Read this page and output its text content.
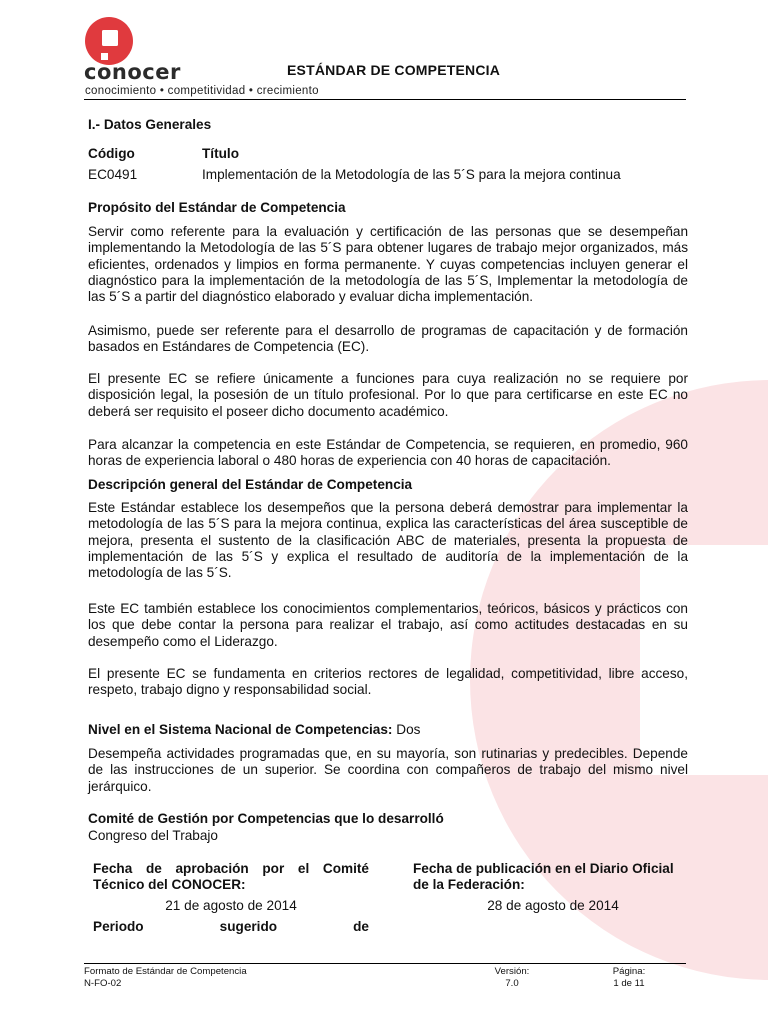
conocer
conocimiento • competitividad • crecimiento
ESTÁNDAR DE COMPETENCIA

I.- Datos Generales

Código	Título

EC0491	Implementación de la Metodología de las 5´S para la mejora continua

Propósito del Estándar de Competencia

Servir como referente para la evaluación y certificación de las personas que se desempeñan implementando la Metodología de las 5´S para obtener lugares de trabajo mejor organizados, más eficientes, ordenados y limpios en forma permanente. Y cuyas competencias incluyen generar el diagnóstico para la implementación de la metodología de las 5´S, Implementar la metodología de las 5´S a partir del diagnóstico elaborado y evaluar dicha implementación.

Asimismo, puede ser referente para el desarrollo de programas de capacitación y de formación basados en Estándares de Competencia (EC).

El presente EC se refiere únicamente a funciones para cuya realización no se requiere por disposición legal, la posesión de un título profesional. Por lo que para certificarse en este EC no deberá ser requisito el poseer dicho documento académico.

Para alcanzar la competencia en este Estándar de Competencia, se requieren, en promedio, 960 horas de experiencia laboral o 480 horas de experiencia con 40 horas de capacitación.

Descripción general del Estándar de Competencia

Este Estándar establece los desempeños que la persona deberá demostrar para implementar la metodología de las 5´S para la mejora continua, explica las características del área susceptible de mejora, presenta el sustento de la clasificación ABC de materiales, presenta la propuesta de implementación de las 5´S y explica el resultado de auditoría de la implementación de la metodología de las 5´S.

Este EC también establece los conocimientos complementarios, teóricos, básicos y prácticos con los que debe contar la persona para realizar el trabajo, así como actitudes destacadas en su desempeño como el Liderazgo.

El presente EC se fundamenta en criterios rectores de legalidad, competitividad, libre acceso, respeto, trabajo digno y responsabilidad social.

Nivel en el Sistema Nacional de Competencias: Dos

Desempeña actividades programadas que, en su mayoría, son rutinarias y predecibles. Depende de las instrucciones de un superior. Se coordina con compañeros de trabajo del mismo nivel jerárquico.

Comité de Gestión por Competencias que lo desarrolló

Congreso del Trabajo

Fecha de aprobación por el Comité Técnico del CONOCER:

21 de agosto de 2014

Fecha de publicación en el Diario Oficial de la Federación:

28 de agosto de 2014

Periodo sugerido de

Formato de Estándar de Competencia

N-FO-02

Versión:

7.0

Página:

1 de 11
